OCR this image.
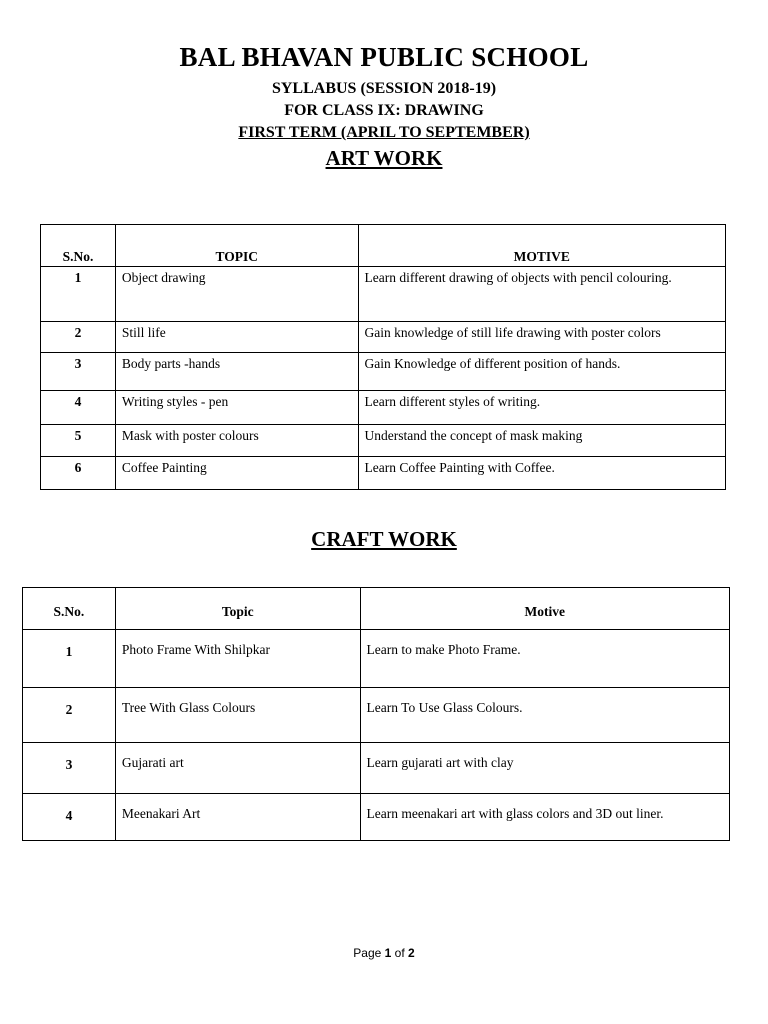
BAL BHAVAN PUBLIC SCHOOL
SYLLABUS (SESSION 2018-19)
FOR CLASS IX: DRAWING
FIRST TERM (APRIL TO SEPTEMBER)
ART WORK
S.No.	TOPIC	MOTIVE
1	Object drawing	Learn different drawing of objects with pencil colouring.
2	Still life	Gain knowledge of still life drawing with poster colors
3	Body parts -hands	Gain Knowledge of different position of hands.
4	Writing styles - pen	Learn different styles of writing.
5	Mask with poster colours	Understand the concept of mask making
6	Coffee Painting	Learn Coffee Painting with Coffee.
CRAFT WORK
S.No.	Topic	Motive
1	Photo Frame With Shilpkar	Learn to make Photo Frame.
2	Tree With Glass Colours	Learn To Use Glass Colours.
3	Gujarati art	Learn gujarati art with clay
4	Meenakari Art	Learn meenakari art with glass colors and 3D out liner.
Page 1 of 2
